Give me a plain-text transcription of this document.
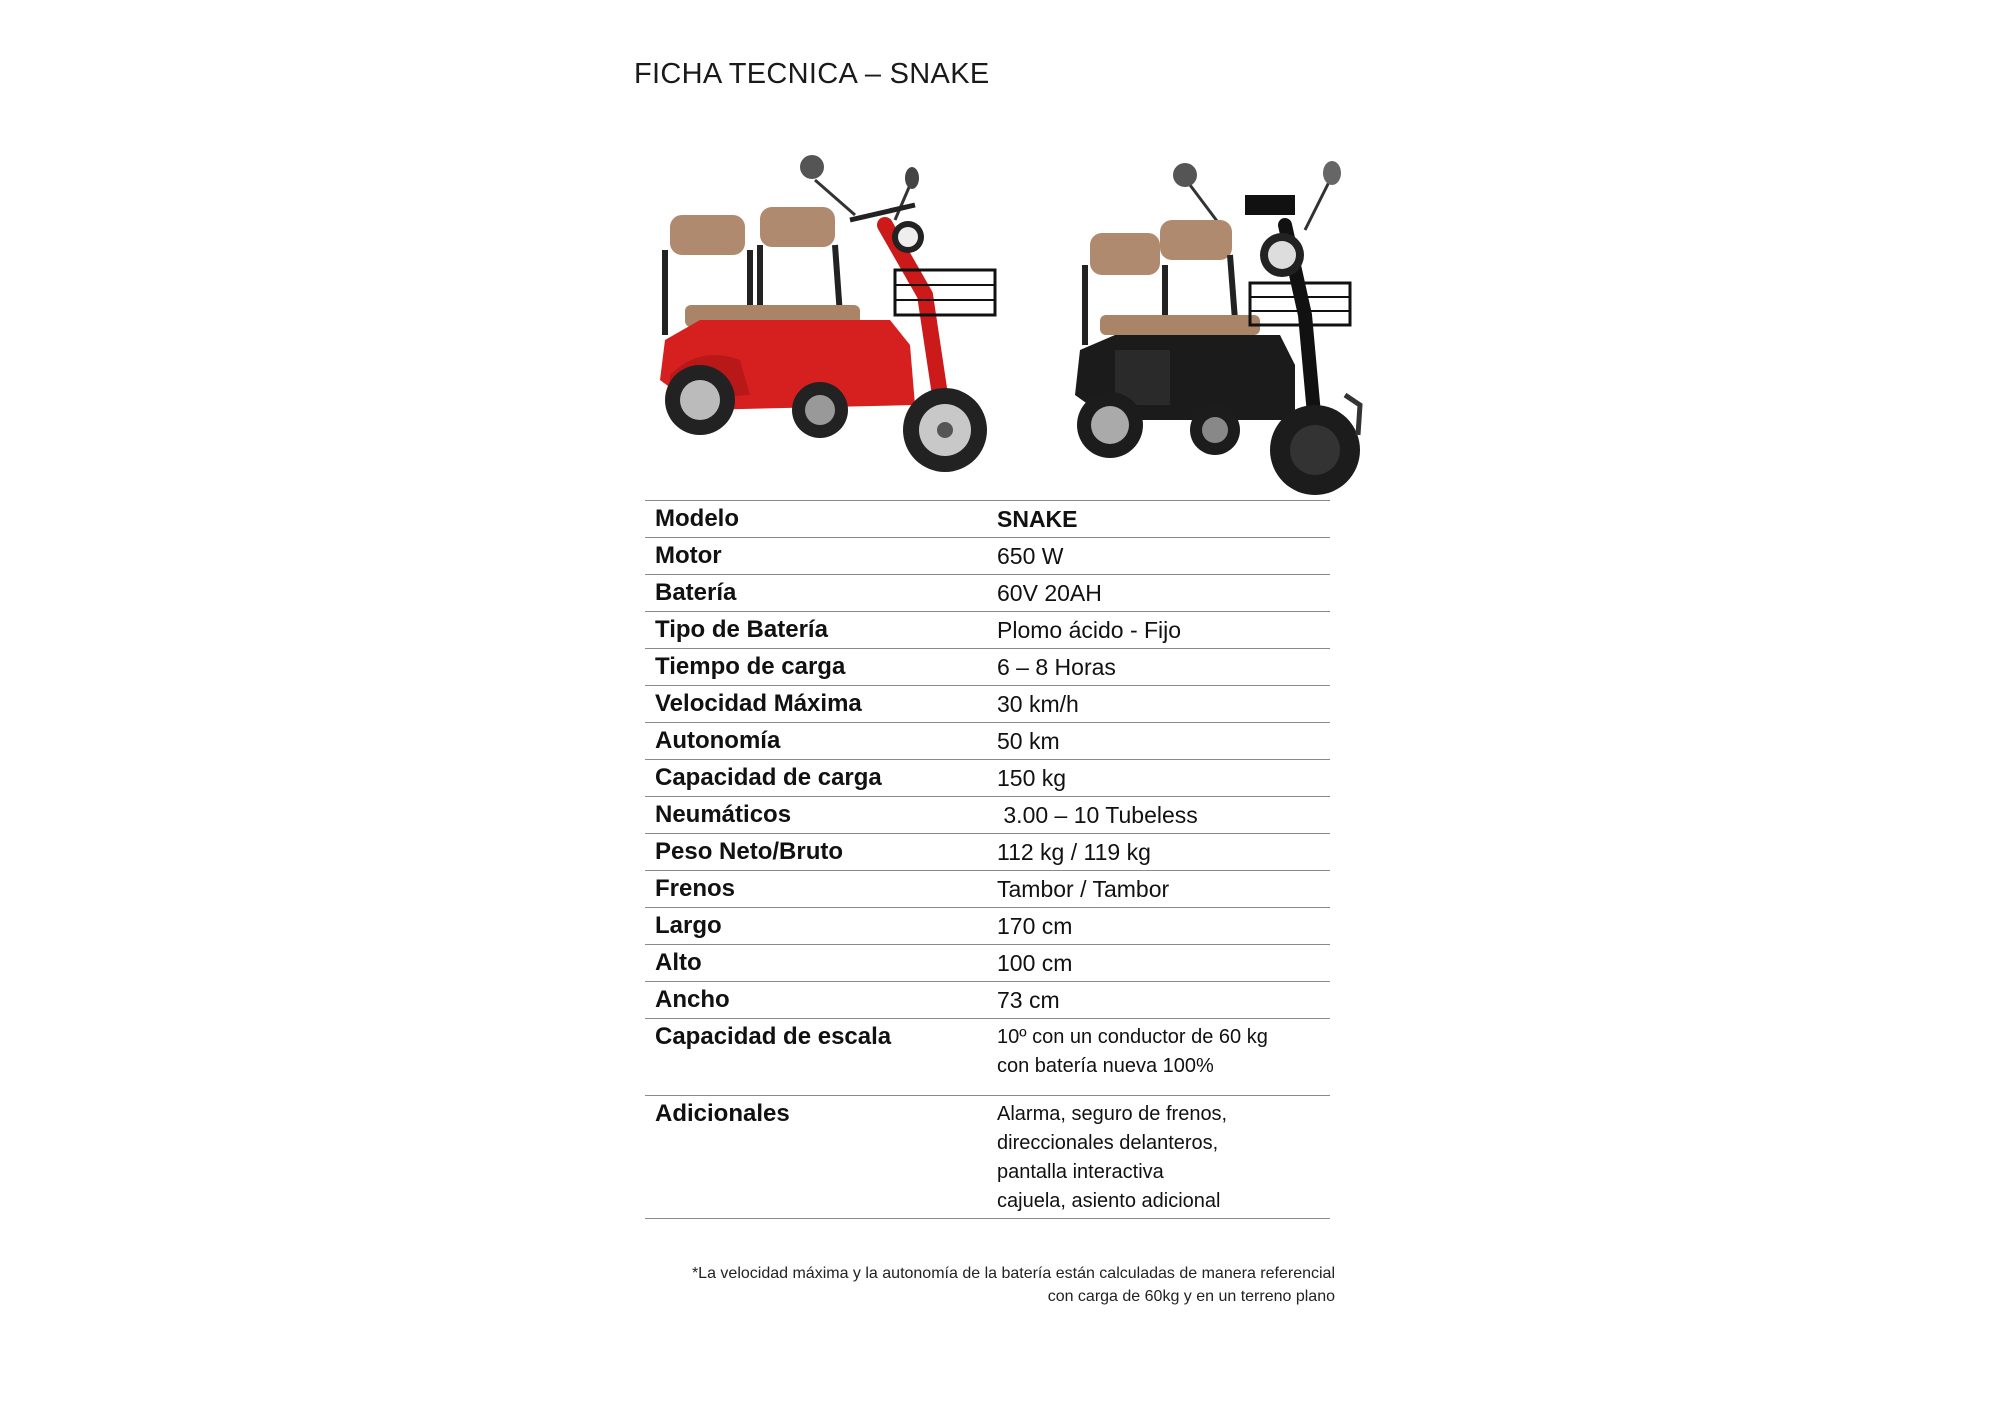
FICHA TECNICA – SNAKE
Modelo	SNAKE
Motor	650 W
Batería	60V 20AH
Tipo de Batería	Plomo ácido - Fijo
Tiempo de carga	6 – 8 Horas
Velocidad Máxima	30 km/h
Autonomía	50 km
Capacidad de carga	150 kg
Neumáticos	3.00 – 10 Tubeless
Peso Neto/Bruto	112 kg / 119 kg
Frenos	Tambor / Tambor
Largo	170 cm
Alto	100 cm
Ancho	73 cm
Capacidad de escala	10º con un conductor de 60 kg
con batería nueva 100%

Adicionales	Alarma, seguro de frenos,
direccionales delanteros,
pantalla interactiva
cajuela, asiento adicional
*La velocidad máxima y la autonomía de la batería están calculadas de manera referencial
con carga de 60kg y en un terreno plano
